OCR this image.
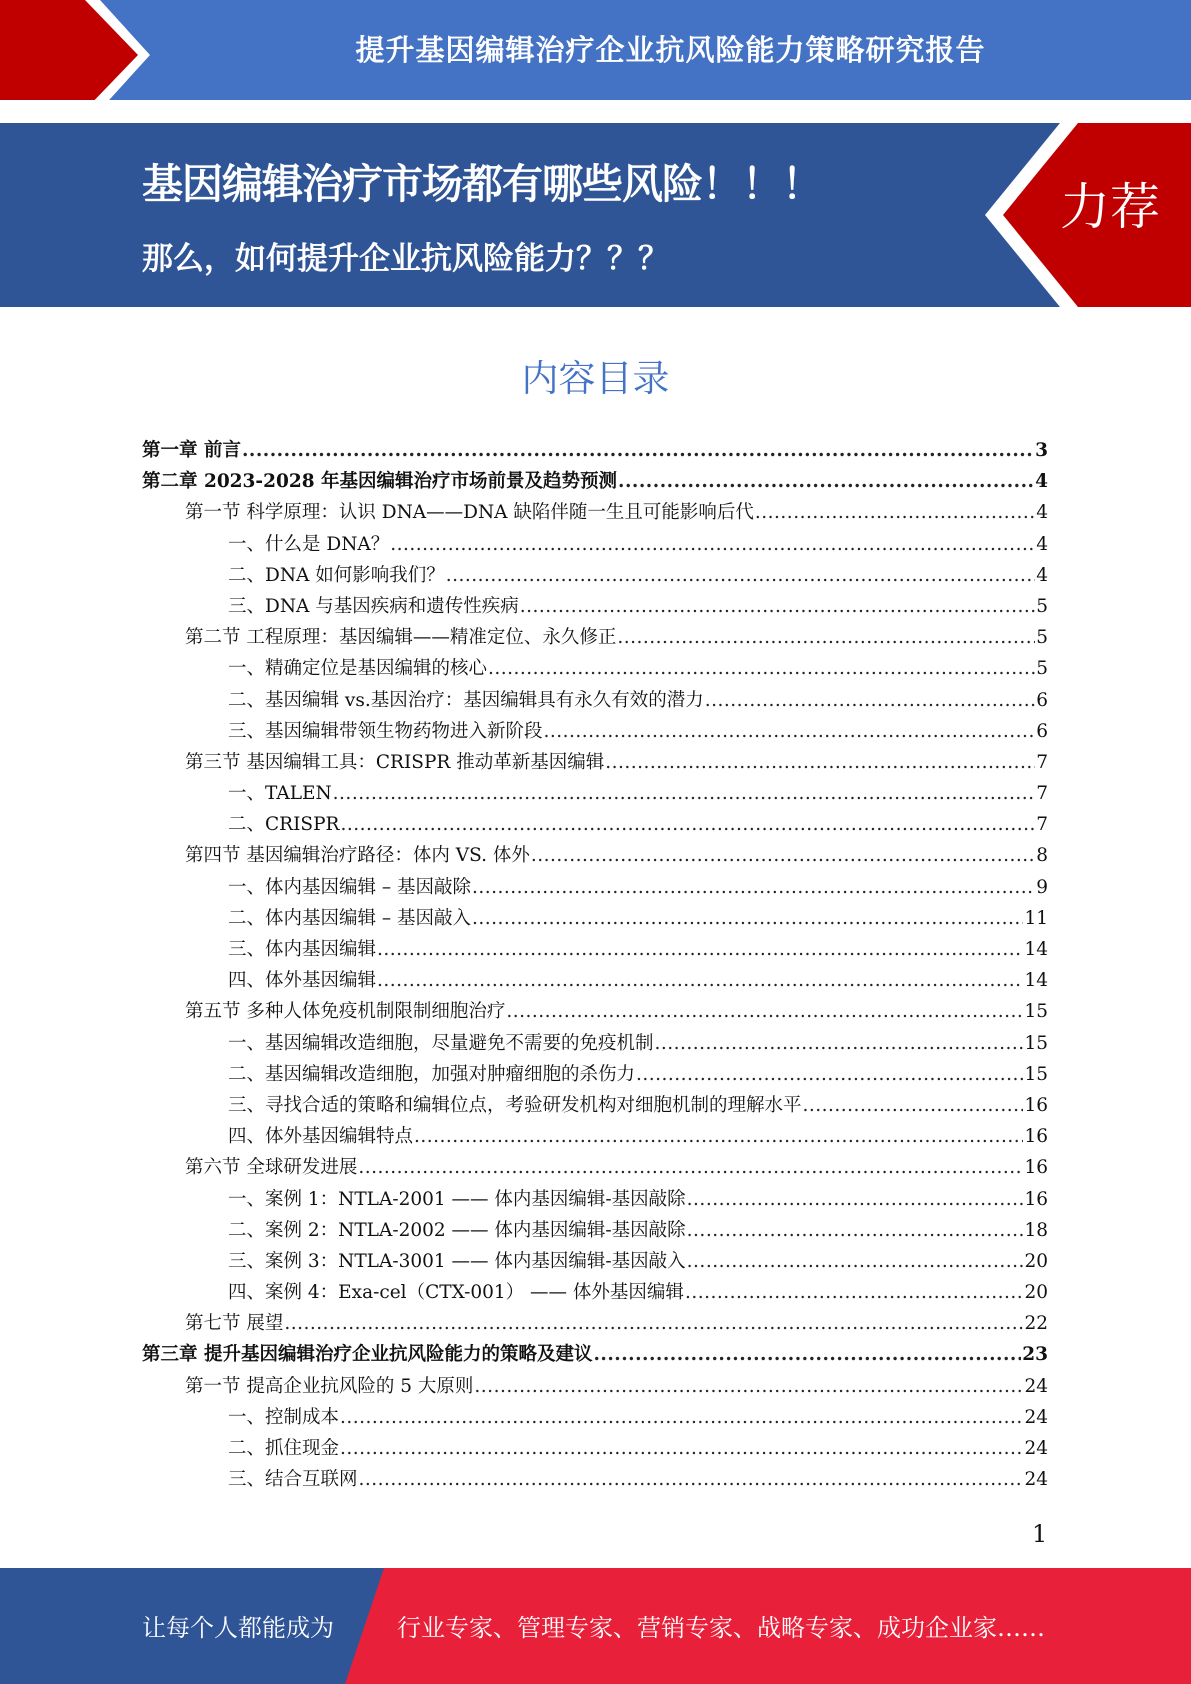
提升基因编辑治疗企业抗风险能力策略研究报告
基因编辑治疗市场都有哪些风险！！！
那么，如何提升企业抗风险能力？？？
力荐
内容目录
第一章 前言 .....	3
第二章 2023-2028 年基因编辑治疗市场前景及趋势预测 .....	4
第一节 科学原理：认识 DNA——DNA 缺陷伴随一生且可能影响后代 .....	4
一、什么是 DNA？ .....	4
二、DNA 如何影响我们？ .....	4
三、DNA 与基因疾病和遗传性疾病 .....	5
第二节 工程原理：基因编辑——精准定位、永久修正 .....	5
一、精确定位是基因编辑的核心 .....	5
二、基因编辑 vs.基因治疗：基因编辑具有永久有效的潜力 .....	6
三、基因编辑带领生物药物进入新阶段 .....	6
第三节 基因编辑工具：CRISPR 推动革新基因编辑 .....	7
一、TALEN .....	7
二、CRISPR .....	7
第四节 基因编辑治疗路径：体内 VS. 体外 .....	8
一、体内基因编辑 – 基因敲除 .....	9
二、体内基因编辑 – 基因敲入 .....	11
三、体内基因编辑 .....	14
四、体外基因编辑 .....	14
第五节 多种人体免疫机制限制细胞治疗 .....	15
一、基因编辑改造细胞，尽量避免不需要的免疫机制 .....	15
二、基因编辑改造细胞，加强对肿瘤细胞的杀伤力 .....	15
三、寻找合适的策略和编辑位点，考验研发机构对细胞机制的理解水平 .....	16
四、体外基因编辑特点 .....	16
第六节 全球研发进展 .....	16
一、案例 1：NTLA-2001 —— 体内基因编辑-基因敲除 .....	16
二、案例 2：NTLA-2002 —— 体内基因编辑-基因敲除 .....	18
三、案例 3：NTLA-3001 —— 体内基因编辑-基因敲入 .....	20
四、案例 4：Exa-cel（CTX-001） —— 体外基因编辑 .....	20
第七节 展望 .....	22
第三章 提升基因编辑治疗企业抗风险能力的策略及建议 .....	23
第一节 提高企业抗风险的 5 大原则 .....	24
一、控制成本 .....	24
二、抓住现金 .....	24
三、结合互联网 .....	24
1
让每个人都能成为	行业专家、管理专家、营销专家、战略专家、成功企业家……
